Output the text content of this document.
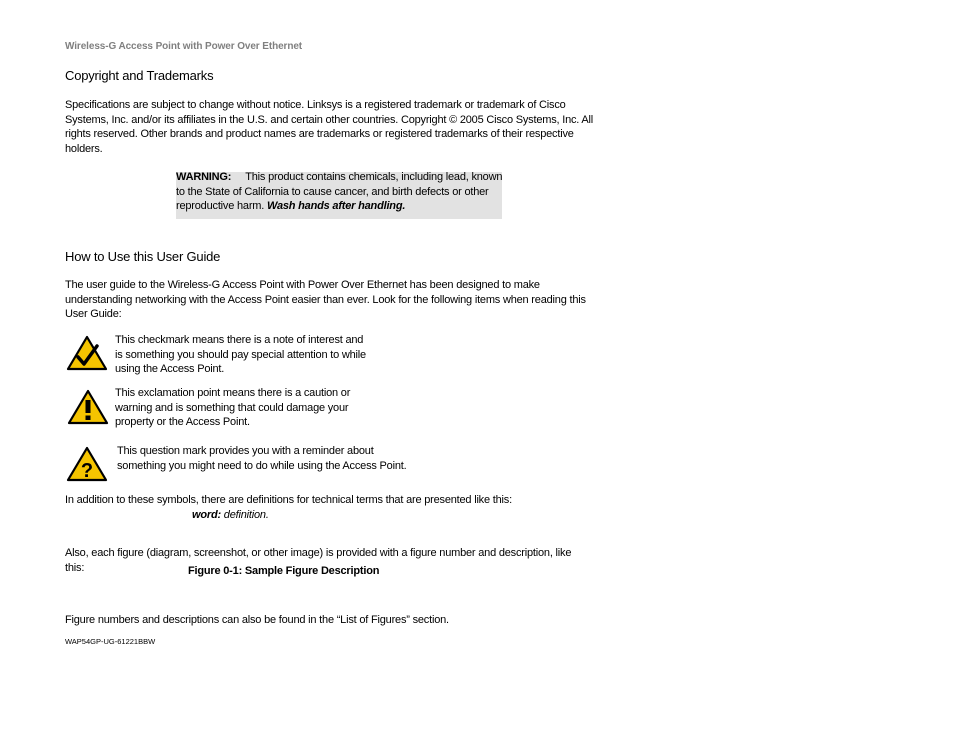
Wireless-G Access Point with Power Over Ethernet
Copyright and Trademarks
Specifications are subject to change without notice. Linksys is a registered trademark or trademark of Cisco
Systems, Inc. and/or its affiliates in the U.S. and certain other countries. Copyright © 2005 Cisco Systems, Inc. All
rights reserved. Other brands and product names are trademarks or registered trademarks of their respective
holders.
WARNING: This product contains chemicals, including lead, known
to the State of California to cause cancer, and birth defects or other
reproductive harm. Wash hands after handling.
How to Use this User Guide
The user guide to the Wireless-G Access Point with Power Over Ethernet has been designed to make
understanding networking with the Access Point easier than ever. Look for the following items when reading this
User Guide:
This checkmark means there is a note of interest and
is something you should pay special attention to while
using the Access Point.
This exclamation point means there is a caution or
warning and is something that could damage your
property or the Access Point.
?
This question mark provides you with a reminder about
something you might need to do while using the Access Point.
In addition to these symbols, there are definitions for technical terms that are presented like this:
word: definition.
Also, each figure (diagram, screenshot, or other image) is provided with a figure number and description, like
this:	Figure 0-1: Sample Figure Description
Figure numbers and descriptions can also be found in the “List of Figures” section.
WAP54GP-UG-61221BBW
